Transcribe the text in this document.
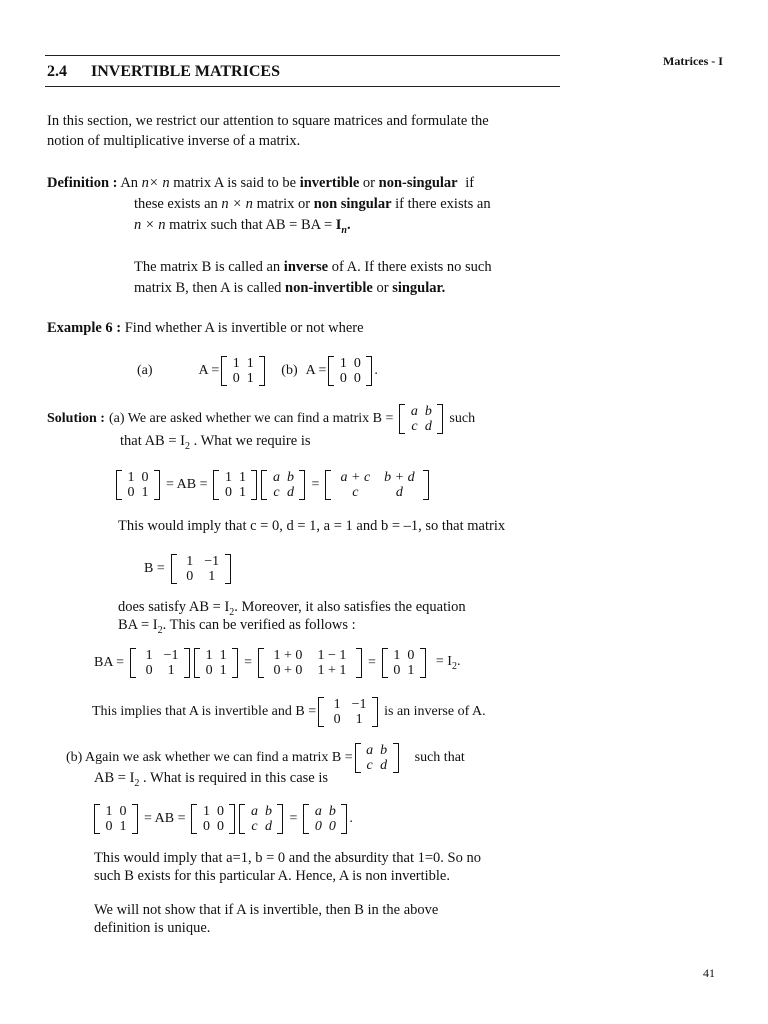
Matrices - I
2.4 INVERTIBLE MATRICES
In this section, we restrict our attention to square matrices and formulate the
notion of multiplicative inverse of a matrix.
Definition : An n× n matrix A is said to be invertible or non-singular if
these exists an n × n matrix or non singular if there exists an
n × n matrix such that AB = BA = $I_n$.
The matrix B is called an inverse of A. If there exists no such
matrix B, then A is called non-invertible or singular.
Example 6 : Find whether A is invertible or not where
(a)	A = 1 1
0 1
(b) A = 1 0
0 0
.
Solution : (a) We are asked whether we can find a matrix B = a b
c d
such
that AB = $I_2$ . What we require is
1 0
0 1
= AB = 1 1
0 1
a b
c d
=	a + c b + d
c	d
This would imply that c = 0, d = 1, a = 1 and b = –1, so that matrix
B =	1 −1
0	1
does satisfy AB = $I_2$. Moreover, it also satisfies the equation
BA = $I_2$. This can be verified as follows :
BA =	1 −1
0	1
1 1
0 1
=	1 + 0	1 − 1
0 + 0	1 + 1
= 1 0
0 1
= $I_2$.
This implies that A is invertible and B =	1 −1
0	1
is an inverse of A.
(b) Again we ask whether we can find a matrix B = a b
c d
such that
AB = $I_2$ . What is required in this case is
1 0
0 1
= AB = 1 0
0 0
a b
c d
= a b
0 0
.
This would imply that a=1, b = 0 and the absurdity that 1=0. So no
such B exists for this particular A. Hence, A is non invertible.
We will not show that if A is invertible, then B in the above
definition is unique.
41
